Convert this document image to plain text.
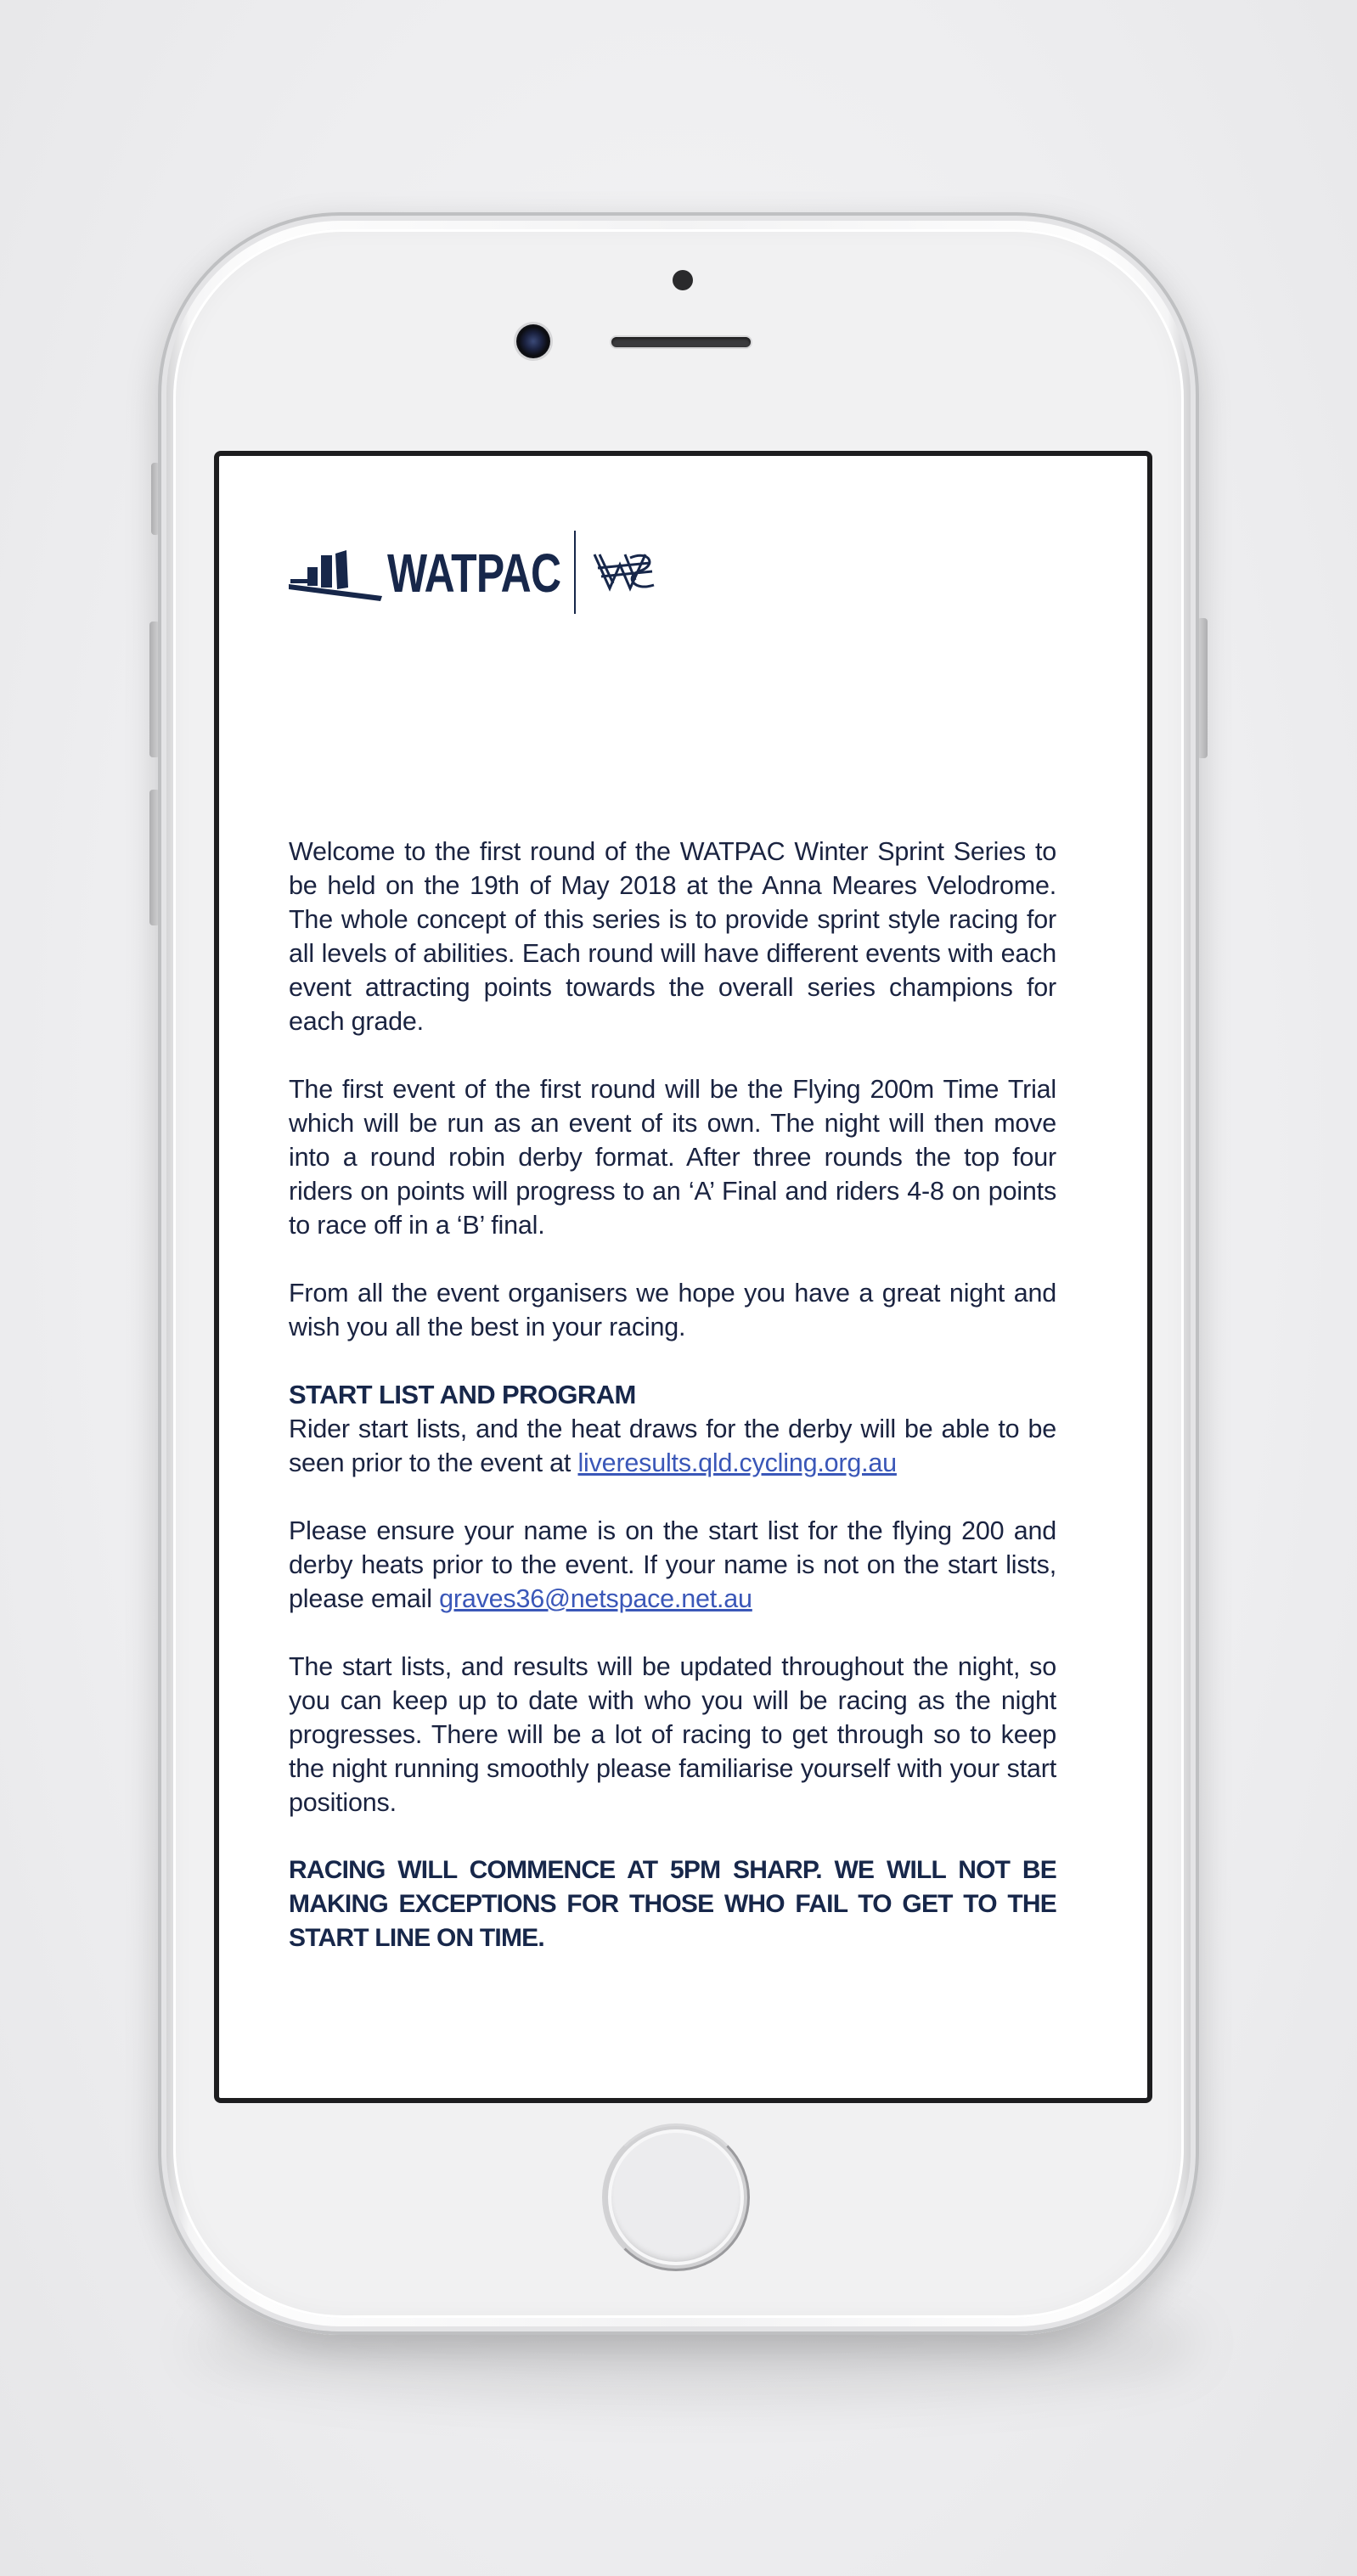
WATPAC

Welcome to the first round of the WATPAC Winter Sprint Series to be held on the 19th of May 2018 at the Anna Meares Velodrome. The whole concept of this series is to provide sprint style racing for all levels of abilities. Each round will have different events with each event attracting points towards the overall series champions for each grade.

The first event of the first round will be the Flying 200m Time Trial which will be run as an event of its own. The night will then move into a round robin derby format. After three rounds the top four riders on points will progress to an ‘A’ Final and riders 4-8 on points to race off in a ‘B’ final.

From all the event organisers we hope you have a great night and wish you all the best in your racing.

START LIST AND PROGRAM

Rider start lists, and the heat draws for the derby will be able to be seen prior to the event at liveresults.qld.cycling.org.au

Please ensure your name is on the start list for the flying 200 and derby heats prior to the event. If your name is not on the start lists, please email graves36@netspace.net.au

The start lists, and results will be updated throughout the night, so you can keep up to date with who you will be racing as the night progresses. There will be a lot of racing to get through so to keep the night running smoothly please familiarise yourself with your start positions.

RACING WILL COMMENCE AT 5PM SHARP. WE WILL NOT BE MAKING EXCEPTIONS FOR THOSE WHO FAIL TO GET TO THE START LINE ON TIME.
